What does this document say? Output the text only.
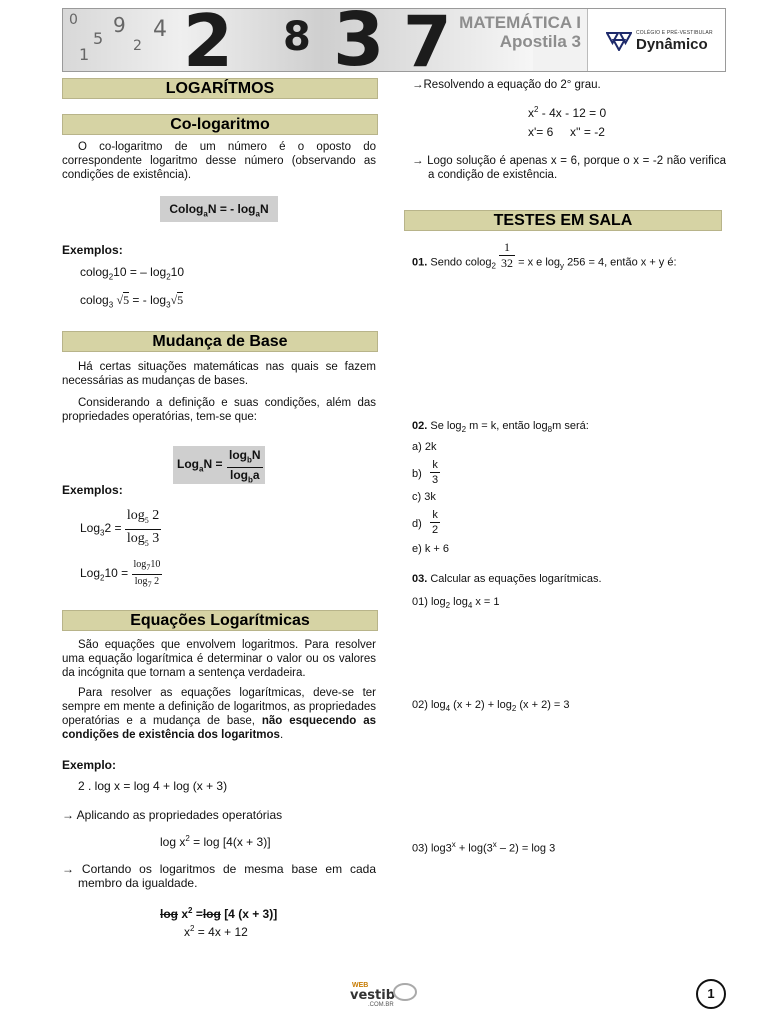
0
5
9
2
4
1 2 8 3 7 MATEMÁTICA I
Apostila 3	COLÉGIO E PRÉ-VESTIBULAR
Dynâmico
LOGARÍTMOS
Co-logaritmo
O co-logaritmo de um número é o oposto do correspondente logaritmo desse número (observando as condições de existência).
Colog$_a$N = - $\log_aN$
Exemplos:
colog$_2$10 = – $\log_210$
colog$_3$ √5 = - $\log_3√5$
Mudança de Base
Há certas situações matemáticas nas quais se fazem necessárias as mudanças de bases.
Considerando a definição e suas condições, além das propriedades operatórias, tem-se que:
$Log_aN = \frac{\log_bN}{\log_ba}$
Exemplos:
$Log_32 = \frac{\log_5 2}{\log_5 3}$
$Log_210 = \frac{\log_710}{\log_7 2}$
Equações Logarítmicas
São equações que envolvem logaritmos. Para resolver uma equação logarítmica é determinar o valor ou os valores da incógnita que tornam a sentença verdadeira.
Para resolver as equações logarítmicas, deve-se ter sempre em mente a definição de logaritmos, as propriedades operatórias e a mudança de base, não esquecendo as condições de existência dos logaritmos.
Exemplo:
2 . log x = log 4 + log (x + 3)
→ Aplicando as propriedades operatórias
$\log x^2 = \log [4(x + 3)]$
→ Cortando os logaritmos de mesma base em cada membro da igualdade.
$\log x^2 =\log$ [4 (x + 3)]
$x^2 = 4x + 12$
→Resolvendo a equação do 2° grau.
$x^2 - 4x - 12 = 0$
x'= 6     x'' = -2
→ Logo solução é apenas x = 6, porque o x = -2 não verifica a condição de existência.
TESTES EM SALA
01. Sendo $colog_2 \frac{1}{32} = x$ e $\log_y 256 = 4$, então x + y é:
02. Se $\log_2 m = k$, então $\log_8m$ será:
a) 2k
$b) \frac{k}{3}$
c) 3k
$d) \frac{k}{2}$
e) k + 6
03. Calcular as equações logarítmicas.
01) $\log_2 \log_4 x = 1$
02) $\log_4 (x + 2) + \log_2 (x + 2) = 3$
03) $\log 3^x + \log(3^x - 2) = \log 3$
WEB
vestib
.COM.BR
1
